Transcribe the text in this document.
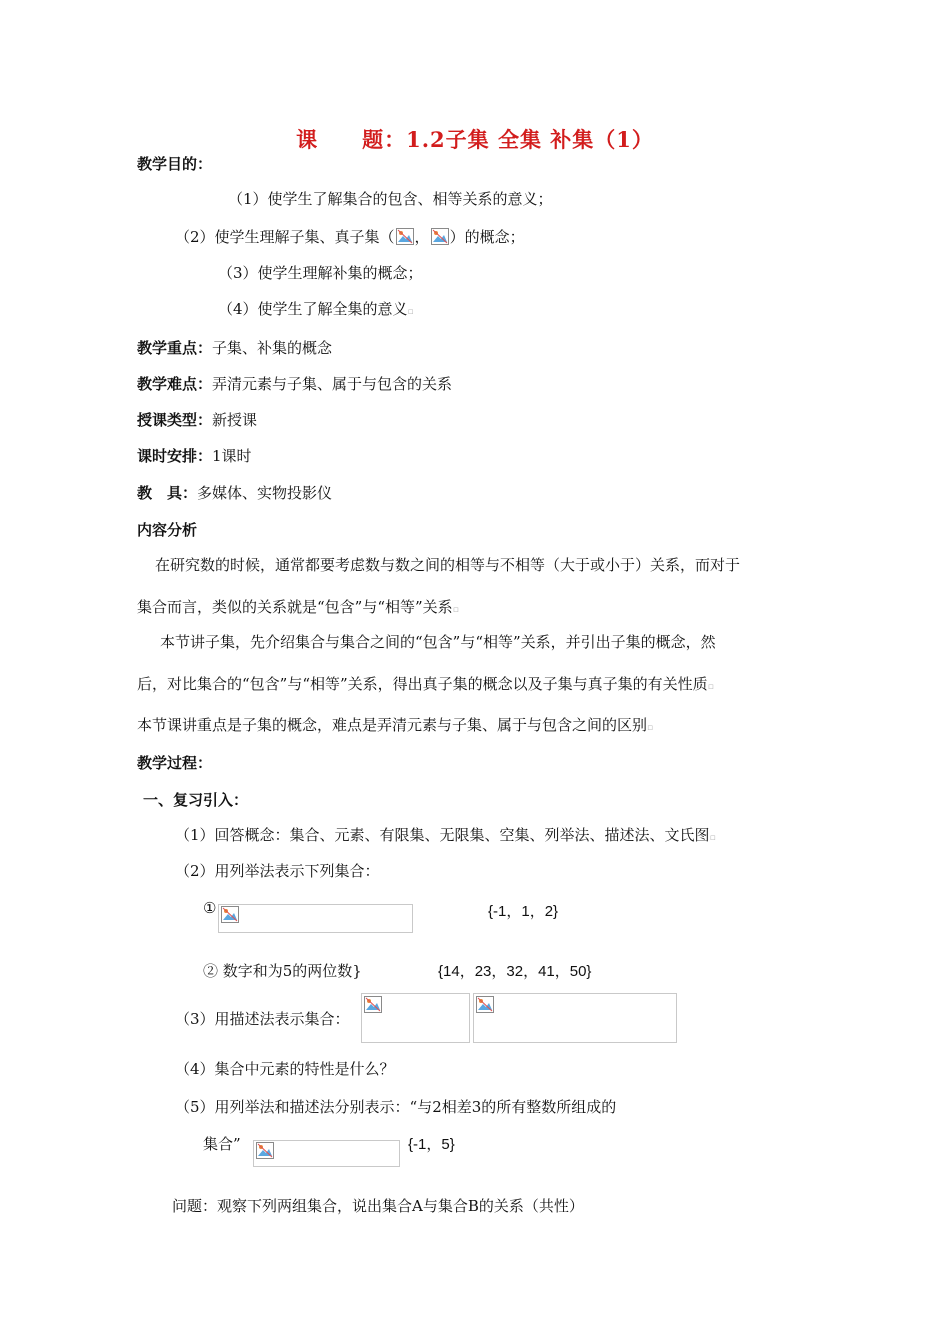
课　　题：1.2子集 全集 补集（1）
教学目的：
（1）使学生了解集合的包含、相等关系的意义；
（2）使学生理解子集、真子集（ ， ）的概念；
（3）使学生理解补集的概念；
（4）使学生了解全集的意义▫
教学重点：子集、补集的概念
教学难点：弄清元素与子集、属于与包含的关系
授课类型：新授课
课时安排：1课时
教　具：多媒体、实物投影仪
内容分析
在研究数的时候，通常都要考虑数与数之间的相等与不相等（大于或小于）关系，而对于
集合而言，类似的关系就是“包含”与“相等”关系▫
本节讲子集，先介绍集合与集合之间的“包含”与“相等”关系，并引出子集的概念，然
后，对比集合的“包含”与“相等”关系，得出真子集的概念以及子集与真子集的有关性质▫
本节课讲重点是子集的概念，难点是弄清元素与子集、属于与包含之间的区别▫
教学过程：
一、复习引入：
（1）回答概念：集合、元素、有限集、无限集、空集、列举法、描述法、文氏图▫
（2）用列举法表示下列集合：
①	{-1，1，2}
② 数字和为5的两位数}	{14，23，32，41，50}
（3）用描述法表示集合：
（4）集合中元素的特性是什么？
（5）用列举法和描述法分别表示：“与2相差3的所有整数所组成的
集合”	{-1，5}
问题：观察下列两组集合，说出集合A与集合B的关系（共性）
